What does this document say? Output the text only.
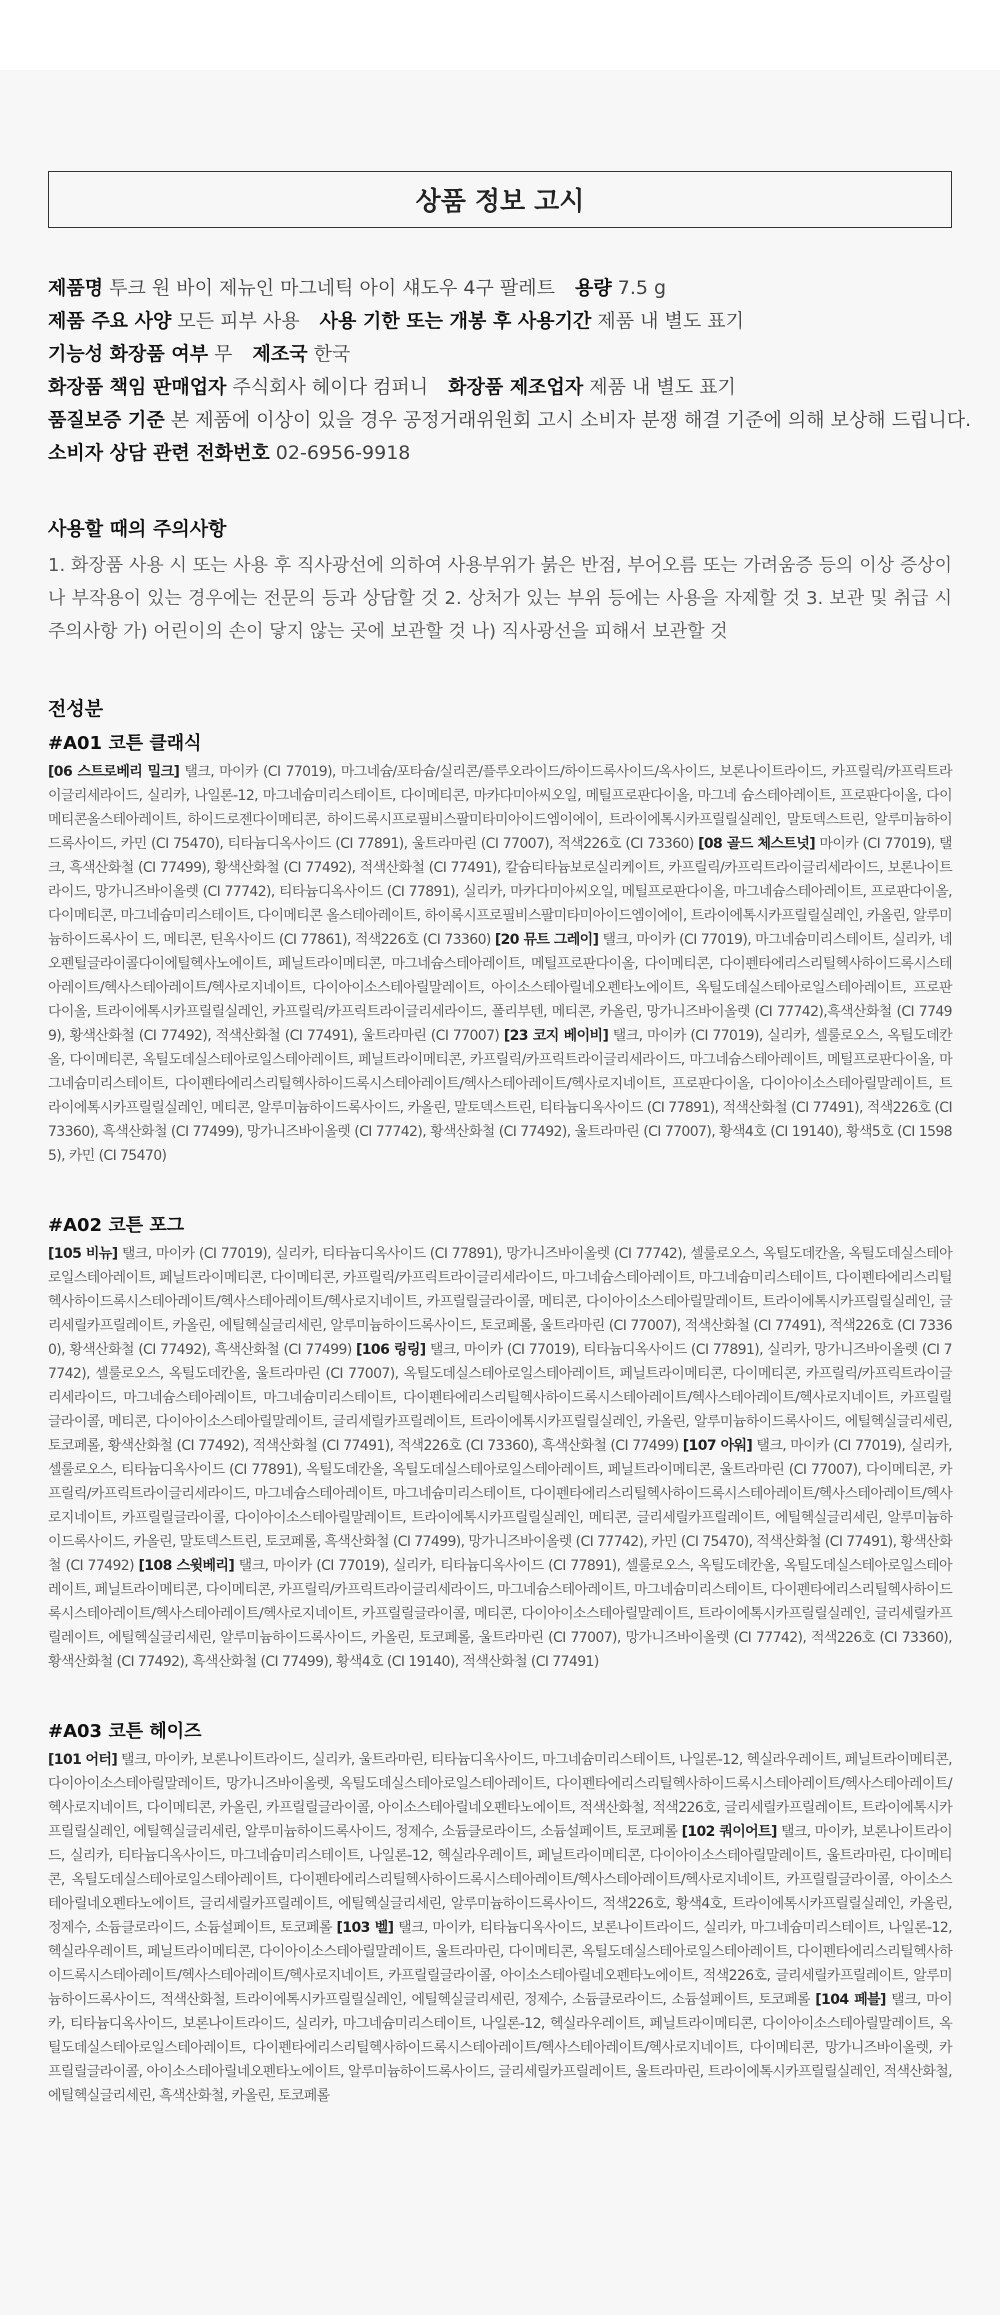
상품 정보 고시
제품명 투크 원 바이 제뉴인 마그네틱 아이 섀도우 4구 팔레트 용량 7.5 g
제품 주요 사양 모든 피부 사용 사용 기한 또는 개봉 후 사용기간 제품 내 별도 표기
기능성 화장품 여부 무 제조국 한국
화장품 책임 판매업자 주식회사 헤이다 컴퍼니 화장품 제조업자 제품 내 별도 표기
품질보증 기준 본 제품에 이상이 있을 경우 공정거래위원회 고시 소비자 분쟁 해결 기준에 의해 보상해 드립니다.
소비자 상담 관련 전화번호 02-6956-9918
사용할 때의 주의사항

1. 화장품 사용 시 또는 사용 후 직사광선에 의하여 사용부위가 붉은 반점, 부어오름 또는 가려움증 등의 이상 증상이나 부작용이 있는 경우에는 전문의 등과 상담할 것 2. 상처가 있는 부위 등에는 사용을 자제할 것 3. 보관 및 취급 시 주의사항 가) 어린이의 손이 닿지 않는 곳에 보관할 것 나) 직사광선을 피해서 보관할 것

전성분
#A01 코튼 클래식

[06 스트로베리 밀크] 탤크, 마이카 (CI 77019), 마그네슘/포타슘/실리콘/플루오라이드/하이드록사이드/옥사이드, 보론나이트라이드, 카프릴릭/카프릭트라이글리세라이드, 실리카, 나일론-12, 마그네슘미리스테이트, 다이메티콘, 마카다미아씨오일, 메틸프로판다이올, 마그네 슘스테아레이트, 프로판다이올, 다이메티콘올스테아레이트, 하이드로젠다이메티콘, 하이드록시프로필비스팔미타미아이드엠이에이, 트라이에톡시카프릴릴실레인, 말토덱스트린, 알루미늄하이드록사이드, 카민 (CI 75470), 티타늄디옥사이드 (CI 77891), 울트라마린 (CI 77007), 적색226호 (CI 73360) [08 골드 체스트넛] 마이카 (CI 77019), 탤크, 흑색산화철 (CI 77499), 황색산화철 (CI 77492), 적색산화철 (CI 77491), 칼슘티타늄보로실리케이트, 카프릴릭/카프릭트라이글리세라이드, 보론나이트라이드, 망가니즈바이올렛 (CI 77742), 티타늄디옥사이드 (CI 77891), 실리카, 마카다미아씨오일, 메틸프로판다이올, 마그네슘스테아레이트, 프로판다이올, 다이메티콘, 마그네슘미리스테이트, 다이메티콘 올스테아레이트, 하이록시프로필비스팔미타미아이드엠이에이, 트라이에톡시카프릴릴실레인, 카올린, 알루미늄하이드록사이 드, 메티콘, 틴옥사이드 (CI 77861), 적색226호 (CI 73360) [20 뮤트 그레이] 탤크, 마이카 (CI 77019), 마그네슘미리스테이트, 실리카, 네오펜틸글라이콜다이에틸헥사노에이트, 페닐트라이메티콘, 마그네슘스테아레이트, 메틸프로판다이올, 다이메티콘, 다이펜타에리스리틸헥사하이드록시스테아레이트/헥사스테아레이트/헥사로지네이트, 다이아이소스테아릴말레이트, 아이소스테아릴네오펜타노에이트, 옥틸도데실스테아로일스테아레이트, 프로판다이올, 트라이에톡시카프릴릴실레인, 카프릴릭/카프릭트라이글리세라이드, 폴리부텐, 메티콘, 카올린, 망가니즈바이올렛 (CI 77742),흑색산화철 (CI 77499), 황색산화철 (CI 77492), 적색산화철 (CI 77491), 울트라마린 (CI 77007) [23 코지 베이비] 탤크, 마이카 (CI 77019), 실리카, 셀룰로오스, 옥틸도데칸올, 다이메티콘, 옥틸도데실스테아로일스테아레이트, 페닐트라이메티콘, 카프릴릭/카프릭트라이글리세라이드, 마그네슘스테아레이트, 메틸프로판다이올, 마그네슘미리스테이트, 다이펜타에리스리틸헥사하이드록시스테아레이트/헥사스테아레이트/헥사로지네이트, 프로판다이올, 다이아이소스테아릴말레이트, 트라이에톡시카프릴릴실레인, 메티콘, 알루미늄하이드록사이드, 카올린, 말토덱스트린, 티타늄디옥사이드 (CI 77891), 적색산화철 (CI 77491), 적색226호 (CI 73360), 흑색산화철 (CI 77499), 망가니즈바이올렛 (CI 77742), 황색산화철 (CI 77492), 울트라마린 (CI 77007), 황색4호 (CI 19140), 황색5호 (CI 15985), 카민 (CI 75470)

#A02 코튼 포그

[105 비뉴] 탤크, 마이카 (CI 77019), 실리카, 티타늄디옥사이드 (CI 77891), 망가니즈바이올렛 (CI 77742), 셀룰로오스, 옥틸도데칸올, 옥틸도데실스테아로일스테아레이트, 페닐트라이메티콘, 다이메티콘, 카프릴릭/카프릭트라이글리세라이드, 마그네슘스테아레이트, 마그네슘미리스테이트, 다이펜타에리스리틸헥사하이드록시스테아레이트/헥사스테아레이트/헥사로지네이트, 카프릴릴글라이콜, 메티콘, 다이아이소스테아릴말레이트, 트라이에톡시카프릴릴실레인, 글리세릴카프릴레이트, 카올린, 에틸헥실글리세린, 알루미늄하이드록사이드, 토코페롤, 울트라마린 (CI 77007), 적색산화철 (CI 77491), 적색226호 (CI 73360), 황색산화철 (CI 77492), 흑색산화철 (CI 77499) [106 링링] 탤크, 마이카 (CI 77019), 티타늄디옥사이드 (CI 77891), 실리카, 망가니즈바이올렛 (CI 77742), 셀룰로오스, 옥틸도데칸올, 울트라마린 (CI 77007), 옥틸도데실스테아로일스테아레이트, 페닐트라이메티콘, 다이메티콘, 카프릴릭/카프릭트라이글리세라이드, 마그네슘스테아레이트, 마그네슘미리스테이트, 다이펜타에리스리틸헥사하이드록시스테아레이트/헥사스테아레이트/헥사로지네이트, 카프릴릴글라이콜, 메티콘, 다이아이소스테아릴말레이트, 글리세릴카프릴레이트, 트라이에톡시카프릴릴실레인, 카올린, 알루미늄하이드록사이드, 에틸헥실글리세린, 토코페롤, 황색산화철 (CI 77492), 적색산화철 (CI 77491), 적색226호 (CI 73360), 흑색산화철 (CI 77499) [107 아워] 탤크, 마이카 (CI 77019), 실리카, 셀룰로오스, 티타늄디옥사이드 (CI 77891), 옥틸도데칸올, 옥틸도데실스테아로일스테아레이트, 페닐트라이메티콘, 울트라마린 (CI 77007), 다이메티콘, 카프릴릭/카프릭트라이글리세라이드, 마그네슘스테아레이트, 마그네슘미리스테이트, 다이펜타에리스리틸헥사하이드록시스테아레이트/헥사스테아레이트/헥사로지네이트, 카프릴릴글라이콜, 다이아이소스테아릴말레이트, 트라이에톡시카프릴릴실레인, 메티콘, 글리세릴카프릴레이트, 에틸헥실글리세린, 알루미늄하이드록사이드, 카올린, 말토덱스트린, 토코페롤, 흑색산화철 (CI 77499), 망가니즈바이올렛 (CI 77742), 카민 (CI 75470), 적색산화철 (CI 77491), 황색산화철 (CI 77492) [108 스윗베리] 탤크, 마이카 (CI 77019), 실리카, 티타늄디옥사이드 (CI 77891), 셀룰로오스, 옥틸도데칸올, 옥틸도데실스테아로일스테아레이트, 페닐트라이메티콘, 다이메티콘, 카프릴릭/카프릭트라이글리세라이드, 마그네슘스테아레이트, 마그네슘미리스테이트, 다이펜타에리스리틸헥사하이드록시스테아레이트/헥사스테아레이트/헥사로지네이트, 카프릴릴글라이콜, 메티콘, 다이아이소스테아릴말레이트, 트라이에톡시카프릴릴실레인, 글리세릴카프릴레이트, 에틸헥실글리세린, 알루미늄하이드록사이드, 카올린, 토코페롤, 울트라마린 (CI 77007), 망가니즈바이올렛 (CI 77742), 적색226호 (CI 73360), 황색산화철 (CI 77492), 흑색산화철 (CI 77499), 황색4호 (CI 19140), 적색산화철 (CI 77491)

#A03 코튼 헤이즈

[101 어터] 탤크, 마이카, 보론나이트라이드, 실리카, 울트라마린, 티타늄디옥사이드, 마그네슘미리스테이트, 나일론-12, 헥실라우레이트, 페닐트라이메티콘, 다이아이소스테아릴말레이트, 망가니즈바이올렛, 옥틸도데실스테아로일스테아레이트, 다이펜타에리스리틸헥사하이드록시스테아레이트/헥사스테아레이트/헥사로지네이트, 다이메티콘, 카올린, 카프릴릴글라이콜, 아이소스테아릴네오펜타노에이트, 적색산화철, 적색226호, 글리세릴카프릴레이트, 트라이에톡시카프릴릴실레인, 에틸헥실글리세린, 알루미늄하이드록사이드, 정제수, 소듐클로라이드, 소듐설페이트, 토코페롤 [102 쿼이어트] 탤크, 마이카, 보론나이트라이드, 실리카, 티타늄디옥사이드, 마그네슘미리스테이트, 나일론-12, 헥실라우레이트, 페닐트라이메티콘, 다이아이소스테아릴말레이트, 울트라마린, 다이메티콘, 옥틸도데실스테아로일스테아레이트, 다이펜타에리스리틸헥사하이드록시스테아레이트/헥사스테아레이트/헥사로지네이트, 카프릴릴글라이콜, 아이소스테아릴네오펜타노에이트, 글리세릴카프릴레이트, 에틸헥실글리세린, 알루미늄하이드록사이드, 적색226호, 황색4호, 트라이에톡시카프릴릴실레인, 카올린, 정제수, 소듐클로라이드, 소듐설페이트, 토코페롤 [103 벨] 탤크, 마이카, 티타늄디옥사이드, 보론나이트라이드, 실리카, 마그네슘미리스테이트, 나일론-12, 헥실라우레이트, 페닐트라이메티콘, 다이아이소스테아릴말레이트, 울트라마린, 다이메티콘, 옥틸도데실스테아로일스테아레이트, 다이펜타에리스리틸헥사하이드록시스테아레이트/헥사스테아레이트/헥사로지네이트, 카프릴릴글라이콜, 아이소스테아릴네오펜타노에이트, 적색226호, 글리세릴카프릴레이트, 알루미늄하이드록사이드, 적색산화철, 트라이에톡시카프릴릴실레인, 에틸헥실글리세린, 정제수, 소듐클로라이드, 소듐설페이트, 토코페롤 [104 페블] 탤크, 마이카, 티타늄디옥사이드, 보론나이트라이드, 실리카, 마그네슘미리스테이트, 나일론-12, 헥실라우레이트, 페닐트라이메티콘, 다이아이소스테아릴말레이트, 옥틸도데실스테아로일스테아레이트, 다이펜타에리스리틸헥사하이드록시스테아레이트/헥사스테아레이트/헥사로지네이트, 다이메티콘, 망가니즈바이올렛, 카프릴릴글라이콜, 아이소스테아릴네오펜타노에이트, 알루미늄하이드록사이드, 글리세릴카프릴레이트, 울트라마린, 트라이에톡시카프릴릴실레인, 적색산화철, 에틸헥실글리세린, 흑색산화철, 카올린, 토코페롤
